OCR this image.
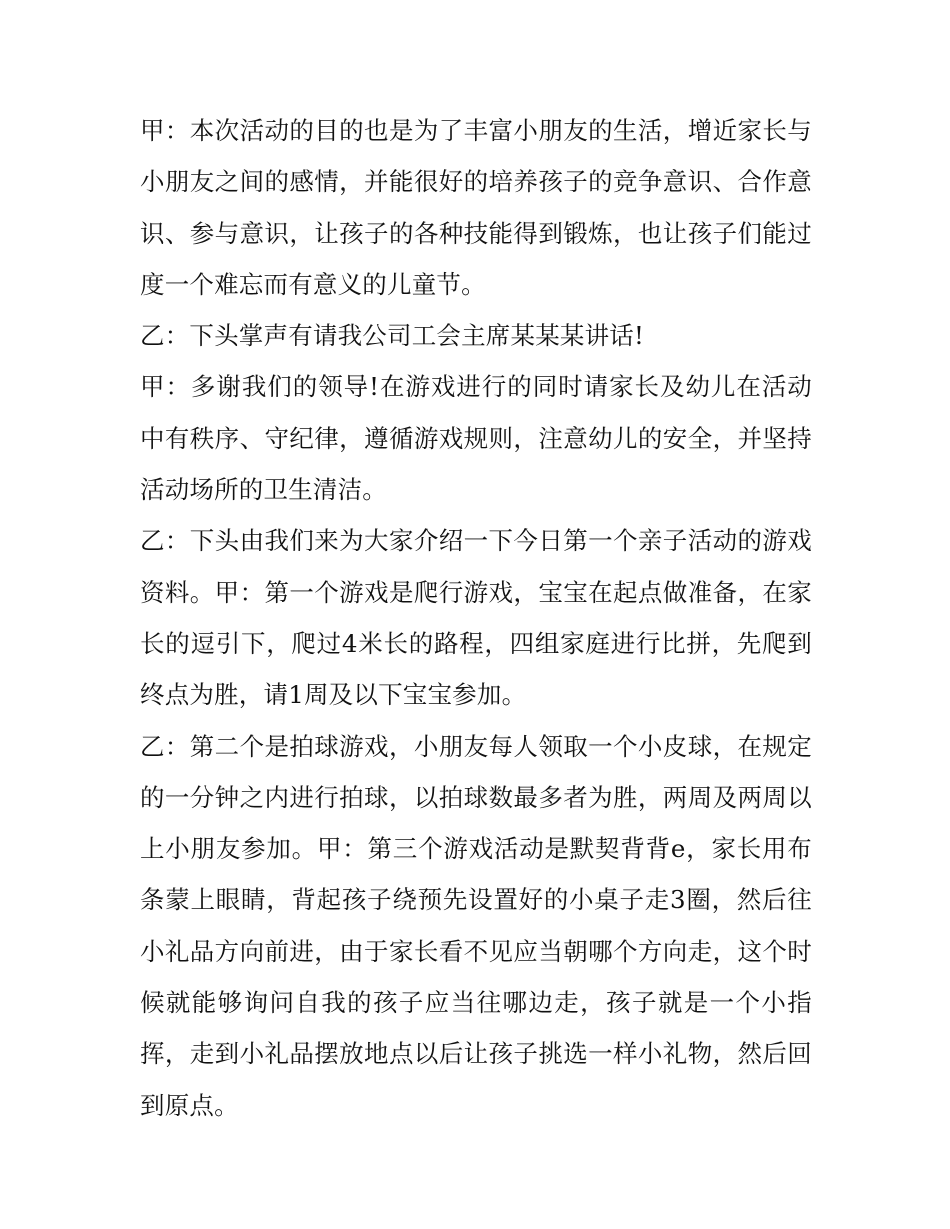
甲：本次活动的目的也是为了丰富小朋友的生活，增近家长与小朋友之间的感情，并能很好的培养孩子的竞争意识、合作意识、参与意识，让孩子的各种技能得到锻炼，也让孩子们能过度一个难忘而有意义的儿童节。

乙：下头掌声有请我公司工会主席某某某讲话!

甲：多谢我们的领导!在游戏进行的同时请家长及幼儿在活动中有秩序、守纪律，遵循游戏规则，注意幼儿的安全，并坚持活动场所的卫生清洁。

乙：下头由我们来为大家介绍一下今日第一个亲子活动的游戏资料。甲：第一个游戏是爬行游戏，宝宝在起点做准备，在家长的逗引下，爬过4米长的路程，四组家庭进行比拼，先爬到终点为胜，请1周及以下宝宝参加。

乙：第二个是拍球游戏，小朋友每人领取一个小皮球，在规定的一分钟之内进行拍球，以拍球数最多者为胜，两周及两周以上小朋友参加。甲：第三个游戏活动是默契背背e，家长用布条蒙上眼睛，背起孩子绕预先设置好的小桌子走3圈，然后往小礼品方向前进，由于家长看不见应当朝哪个方向走，这个时候就能够询问自我的孩子应当往哪边走，孩子就是一个小指挥，走到小礼品摆放地点以后让孩子挑选一样小礼物，然后回到原点。
